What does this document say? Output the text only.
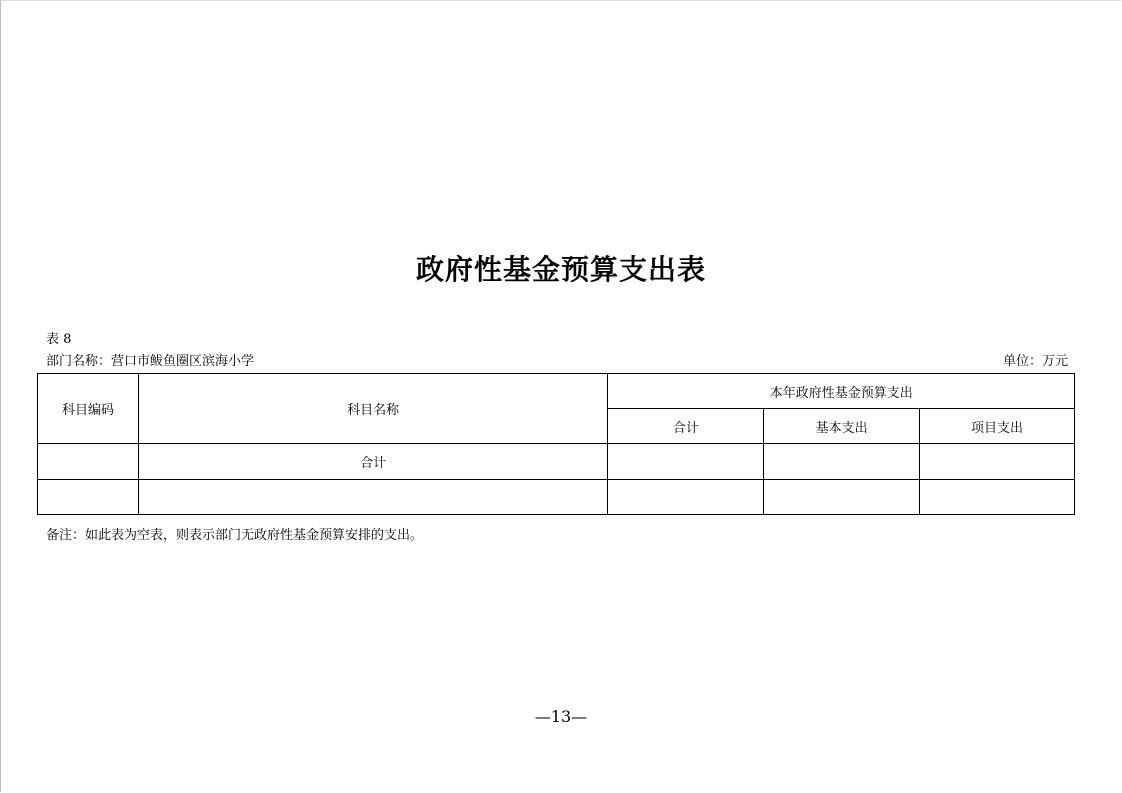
政府性基金预算支出表
表 8
部门名称：营口市鲅鱼圈区滨海小学	单位：万元
科目编码	科目名称	本年政府性基金预算支出		
		合计	基本支出	项目支出
	合计			

备注：如此表为空表，则表示部门无政府性基金预算安排的支出。
—13—
